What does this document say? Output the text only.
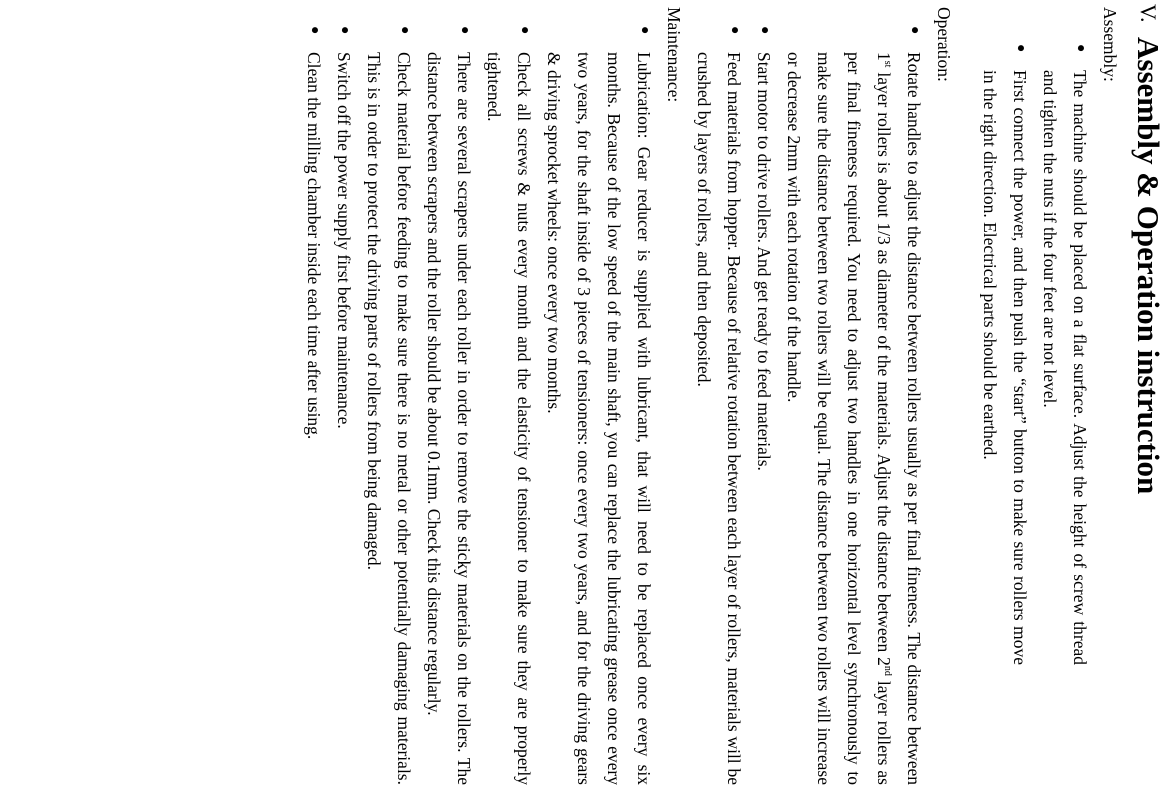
V.
Assembly & Operation instruction

Assembly:

●
The machine should be placed on a flat surface. Adjust the height of screw thread and tighten the nuts if the four feet are not level.
●
First connect the power, and then push the “start” button to make sure rollers move in the right direction. Electrical parts should be earthed.

Operation:

●
Rotate handles to adjust the distance between rollers usually as per final fineness. The distance between 1st layer rollers is about 1/3 as diameter of the materials. Adjust the distance between 2nd layer rollers as per final fineness required. You need to adjust two handles in one horizontal level synchronously to make sure the distance between two rollers will be equal. The distance between two rollers will increase or decrease 2mm with each rotation of the handle.
●
Start motor to drive rollers. And get ready to feed materials.
●
Feed materials from hopper. Because of relative rotation between each layer of rollers, materials will be crushed by layers of rollers, and then deposited.

Maintenance:

●
Lubrication: Gear reducer is supplied with lubricant, that will need to be replaced once every six months. Because of the low speed of the main shaft, you can replace the lubricating grease once every two years, for the shaft inside of 3 pieces of tensioners: once every two years, and for the driving gears & driving sprocket wheels: once every two months.
●
Check all screws & nuts every month and the elasticity of tensioner to make sure they are properly tightened.
●
There are several scrapers under each roller in order to remove the sticky materials on the rollers. The distance between scrapers and the roller should be about 0.1mm. Check this distance regularly.
●
Check material before feeding to make sure there is no metal or other potentially damaging materials. This is in order to protect the driving parts of rollers from being damaged.
●
Switch off the power supply first before maintenance.
●
Clean the milling chamber inside each time after using.
